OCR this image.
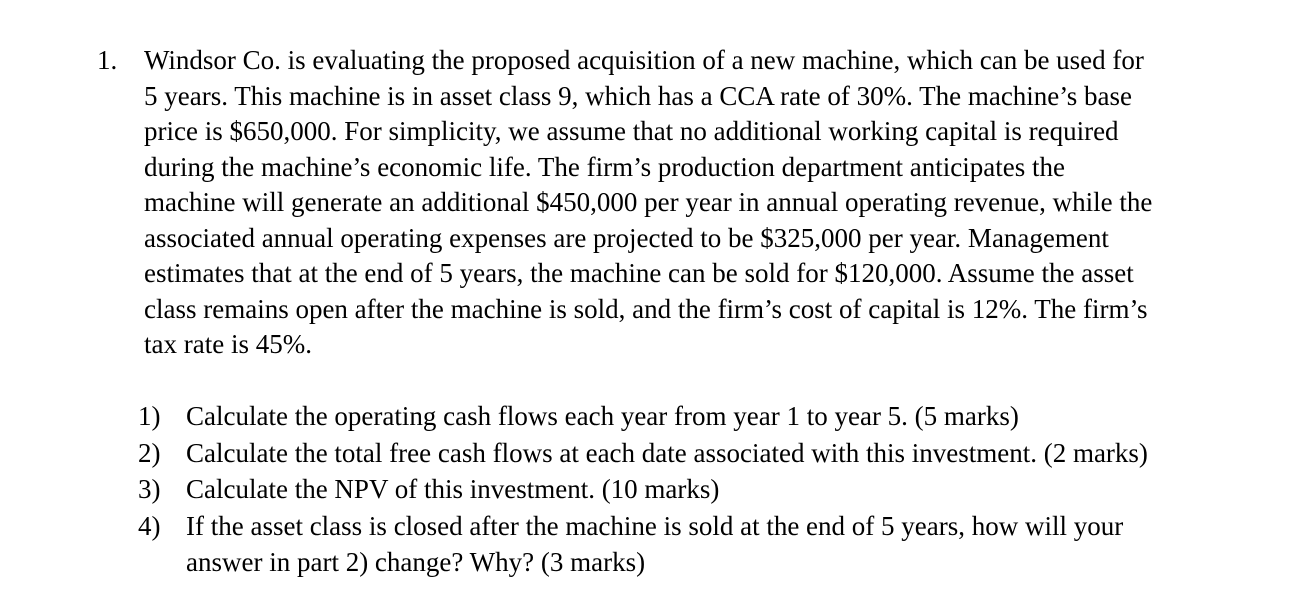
1. Windsor Co. is evaluating the proposed acquisition of a new machine, which can be used for
5 years. This machine is in asset class 9, which has a CCA rate of 30%. The machine’s base
price is $650,000. For simplicity, we assume that no additional working capital is required
during the machine’s economic life. The firm’s production department anticipates the
machine will generate an additional $450,000 per year in annual operating revenue, while the
associated annual operating expenses are projected to be $325,000 per year. Management
estimates that at the end of 5 years, the machine can be sold for $120,000. Assume the asset
class remains open after the machine is sold, and the firm’s cost of capital is 12%. The firm’s
tax rate is 45%.

1) Calculate the operating cash flows each year from year 1 to year 5. (5 marks)
2) Calculate the total free cash flows at each date associated with this investment. (2 marks)
3) Calculate the NPV of this investment. (10 marks)
4) If the asset class is closed after the machine is sold at the end of 5 years, how will your
answer in part 2) change? Why? (3 marks)
